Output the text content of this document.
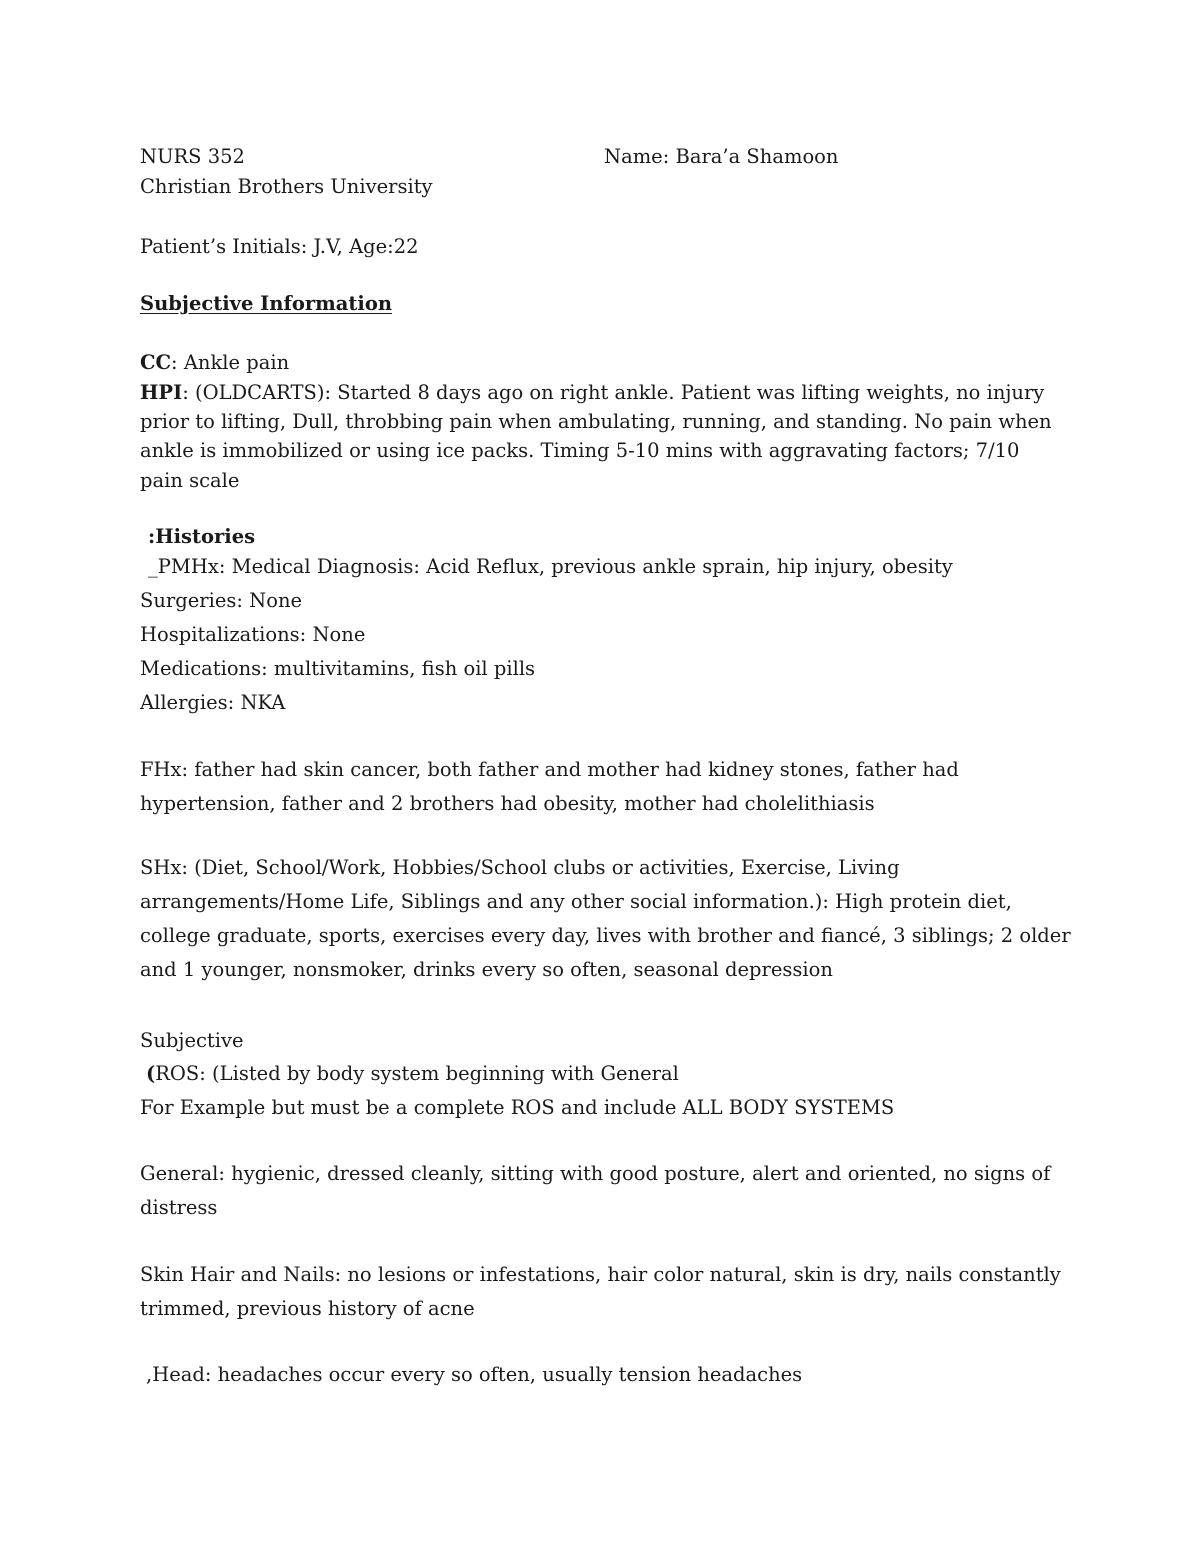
NURS 352	Name: Bara’a Shamoon
Christian Brothers University
Patient’s Initials: J.V, Age:22
Subjective Information
CC: Ankle pain
HPI: (OLDCARTS): Started 8 days ago on right ankle. Patient was lifting weights, no injury
prior to lifting, Dull, throbbing pain when ambulating, running, and standing. No pain when
ankle is immobilized or using ice packs. Timing 5-10 mins with aggravating factors; 7/10
pain scale
:Histories
_PMHx: Medical Diagnosis: Acid Reflux, previous ankle sprain, hip injury, obesity
Surgeries: None
Hospitalizations: None
Medications: multivitamins, fish oil pills
Allergies: NKA
FHx: father had skin cancer, both father and mother had kidney stones, father had
hypertension, father and 2 brothers had obesity, mother had cholelithiasis
SHx: (Diet, School/Work, Hobbies/School clubs or activities, Exercise, Living
arrangements/Home Life, Siblings and any other social information.): High protein diet,
college graduate, sports, exercises every day, lives with brother and fiancé, 3 siblings; 2 older
and 1 younger, nonsmoker, drinks every so often, seasonal depression
Subjective
(ROS: (Listed by body system beginning with General
For Example but must be a complete ROS and include ALL BODY SYSTEMS
General: hygienic, dressed cleanly, sitting with good posture, alert and oriented, no signs of
distress
Skin Hair and Nails: no lesions or infestations, hair color natural, skin is dry, nails constantly
trimmed, previous history of acne
,Head: headaches occur every so often, usually tension headaches
